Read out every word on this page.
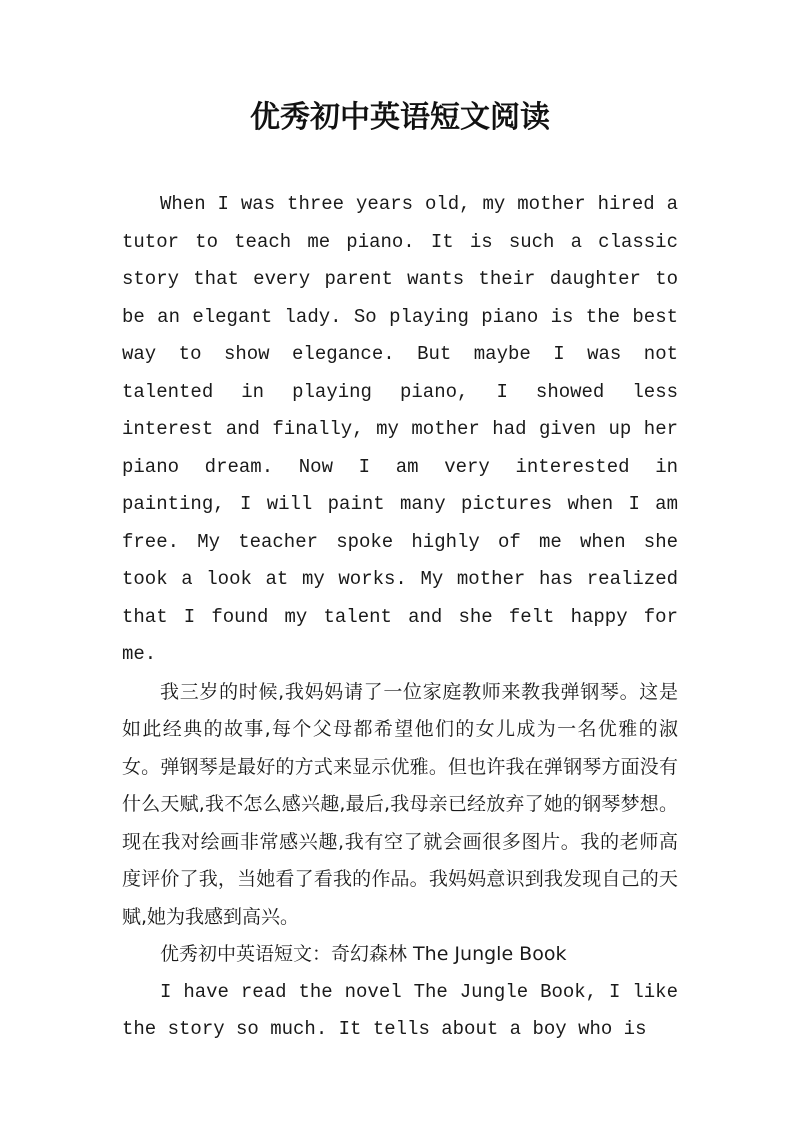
优秀初中英语短文阅读

When I was three years old, my mother hired a tutor to teach me piano. It is such a classic story that every parent wants their daughter to be an elegant lady. So playing piano is the best way to show elegance. But maybe I was not talented in playing piano, I showed less interest and finally, my mother had given up her piano dream. Now I am very interested in painting, I will paint many pictures when I am free. My teacher spoke highly of me when she took a look at my works. My mother has realized that I found my talent and she felt happy for me.

我三岁的时候,我妈妈请了一位家庭教师来教我弹钢琴。这是如此经典的故事,每个父母都希望他们的女儿成为一名优雅的淑女。弹钢琴是最好的方式来显示优雅。但也许我在弹钢琴方面没有什么天赋,我不怎么感兴趣,最后,我母亲已经放弃了她的钢琴梦想。现在我对绘画非常感兴趣,我有空了就会画很多图片。我的老师高度评价了我，当她看了看我的作品。我妈妈意识到我发现自己的天赋,她为我感到高兴。

优秀初中英语短文：奇幻森林 The Jungle Book

I have read the novel The Jungle Book, I like the story so much. It tells about a boy who is
